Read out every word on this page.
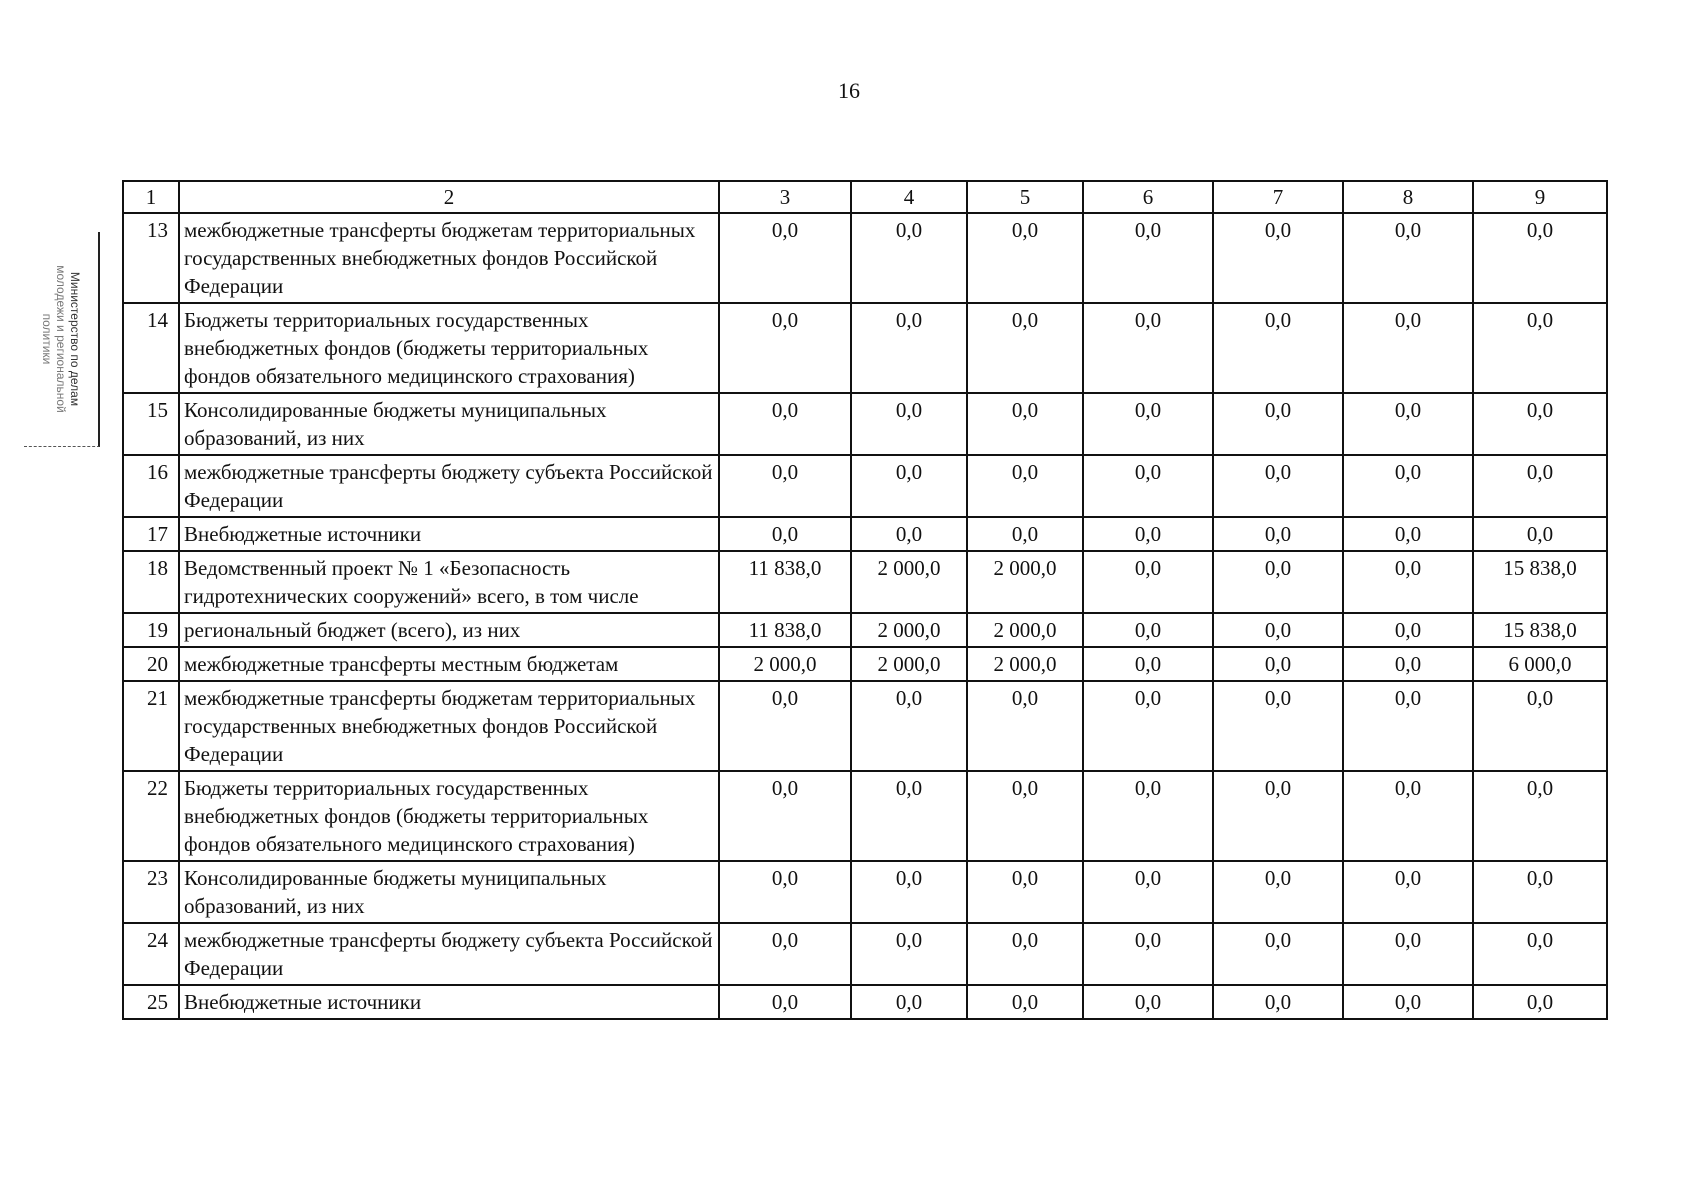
16
Министерство по делам
молодежи и региональной
политики
1	2	3	4	5	6	7	8	9
13	межбюджетные трансферты бюджетам территориальных государственных внебюджетных фондов Российской Федерации	0,0	0,0	0,0	0,0	0,0	0,0	0,0
14	Бюджеты территориальных государственных внебюджетных фондов (бюджеты территориальных фондов обязательного медицинского страхования)	0,0	0,0	0,0	0,0	0,0	0,0	0,0
15	Консолидированные бюджеты муниципальных образований, из них	0,0	0,0	0,0	0,0	0,0	0,0	0,0
16	межбюджетные трансферты бюджету субъекта Российской Федерации	0,0	0,0	0,0	0,0	0,0	0,0	0,0
17	Внебюджетные источники	0,0	0,0	0,0	0,0	0,0	0,0	0,0
18	Ведомственный проект № 1 «Безопасность гидротехнических сооружений» всего, в том числе	11 838,0	2 000,0	2 000,0	0,0	0,0	0,0	15 838,0
19	региональный бюджет (всего), из них	11 838,0	2 000,0	2 000,0	0,0	0,0	0,0	15 838,0
20	межбюджетные трансферты местным бюджетам	2 000,0	2 000,0	2 000,0	0,0	0,0	0,0	6 000,0
21	межбюджетные трансферты бюджетам территориальных государственных внебюджетных фондов Российской Федерации	0,0	0,0	0,0	0,0	0,0	0,0	0,0
22	Бюджеты территориальных государственных внебюджетных фондов (бюджеты территориальных фондов обязательного медицинского страхования)	0,0	0,0	0,0	0,0	0,0	0,0	0,0
23	Консолидированные бюджеты муниципальных образований, из них	0,0	0,0	0,0	0,0	0,0	0,0	0,0
24	межбюджетные трансферты бюджету субъекта Российской Федерации	0,0	0,0	0,0	0,0	0,0	0,0	0,0
25	Внебюджетные источники	0,0	0,0	0,0	0,0	0,0	0,0	0,0
